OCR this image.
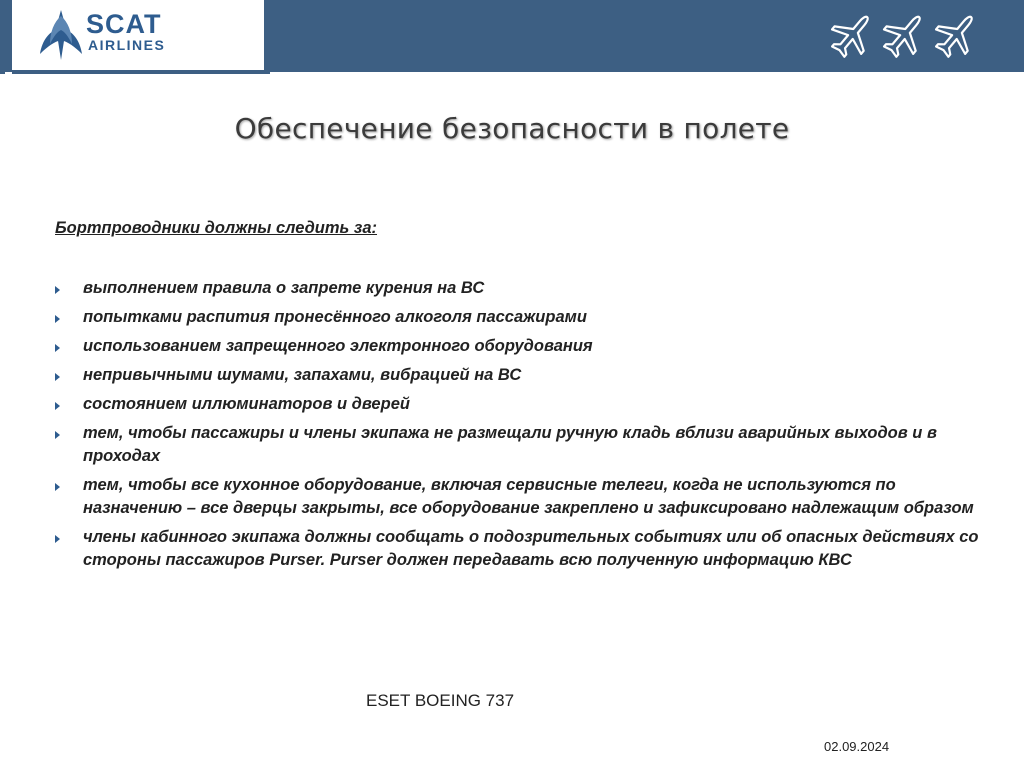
SCAT
AIRLINES
Обеспечение безопасности в полете
Бортпроводники должны следить за:
выполнением правила о запрете курения на ВС
попытками распития пронесённого алкоголя пассажирами
использованием запрещенного электронного оборудования
непривычными шумами, запахами, вибрацией на ВС
состоянием иллюминаторов и дверей
тем, чтобы пассажиры и члены экипажа не размещали ручную кладь вблизи аварийных выходов и в проходах
тем, чтобы все кухонное оборудование, включая сервисные телеги, когда не используются по назначению – все дверцы закрыты, все оборудование закреплено и зафиксировано надлежащим образом
члены кабинного экипажа должны сообщать о подозрительных событиях или об опасных действиях со стороны пассажиров Purser. Purser должен передавать всю полученную информацию КВС
ESET BOEING 737
02.09.2024
